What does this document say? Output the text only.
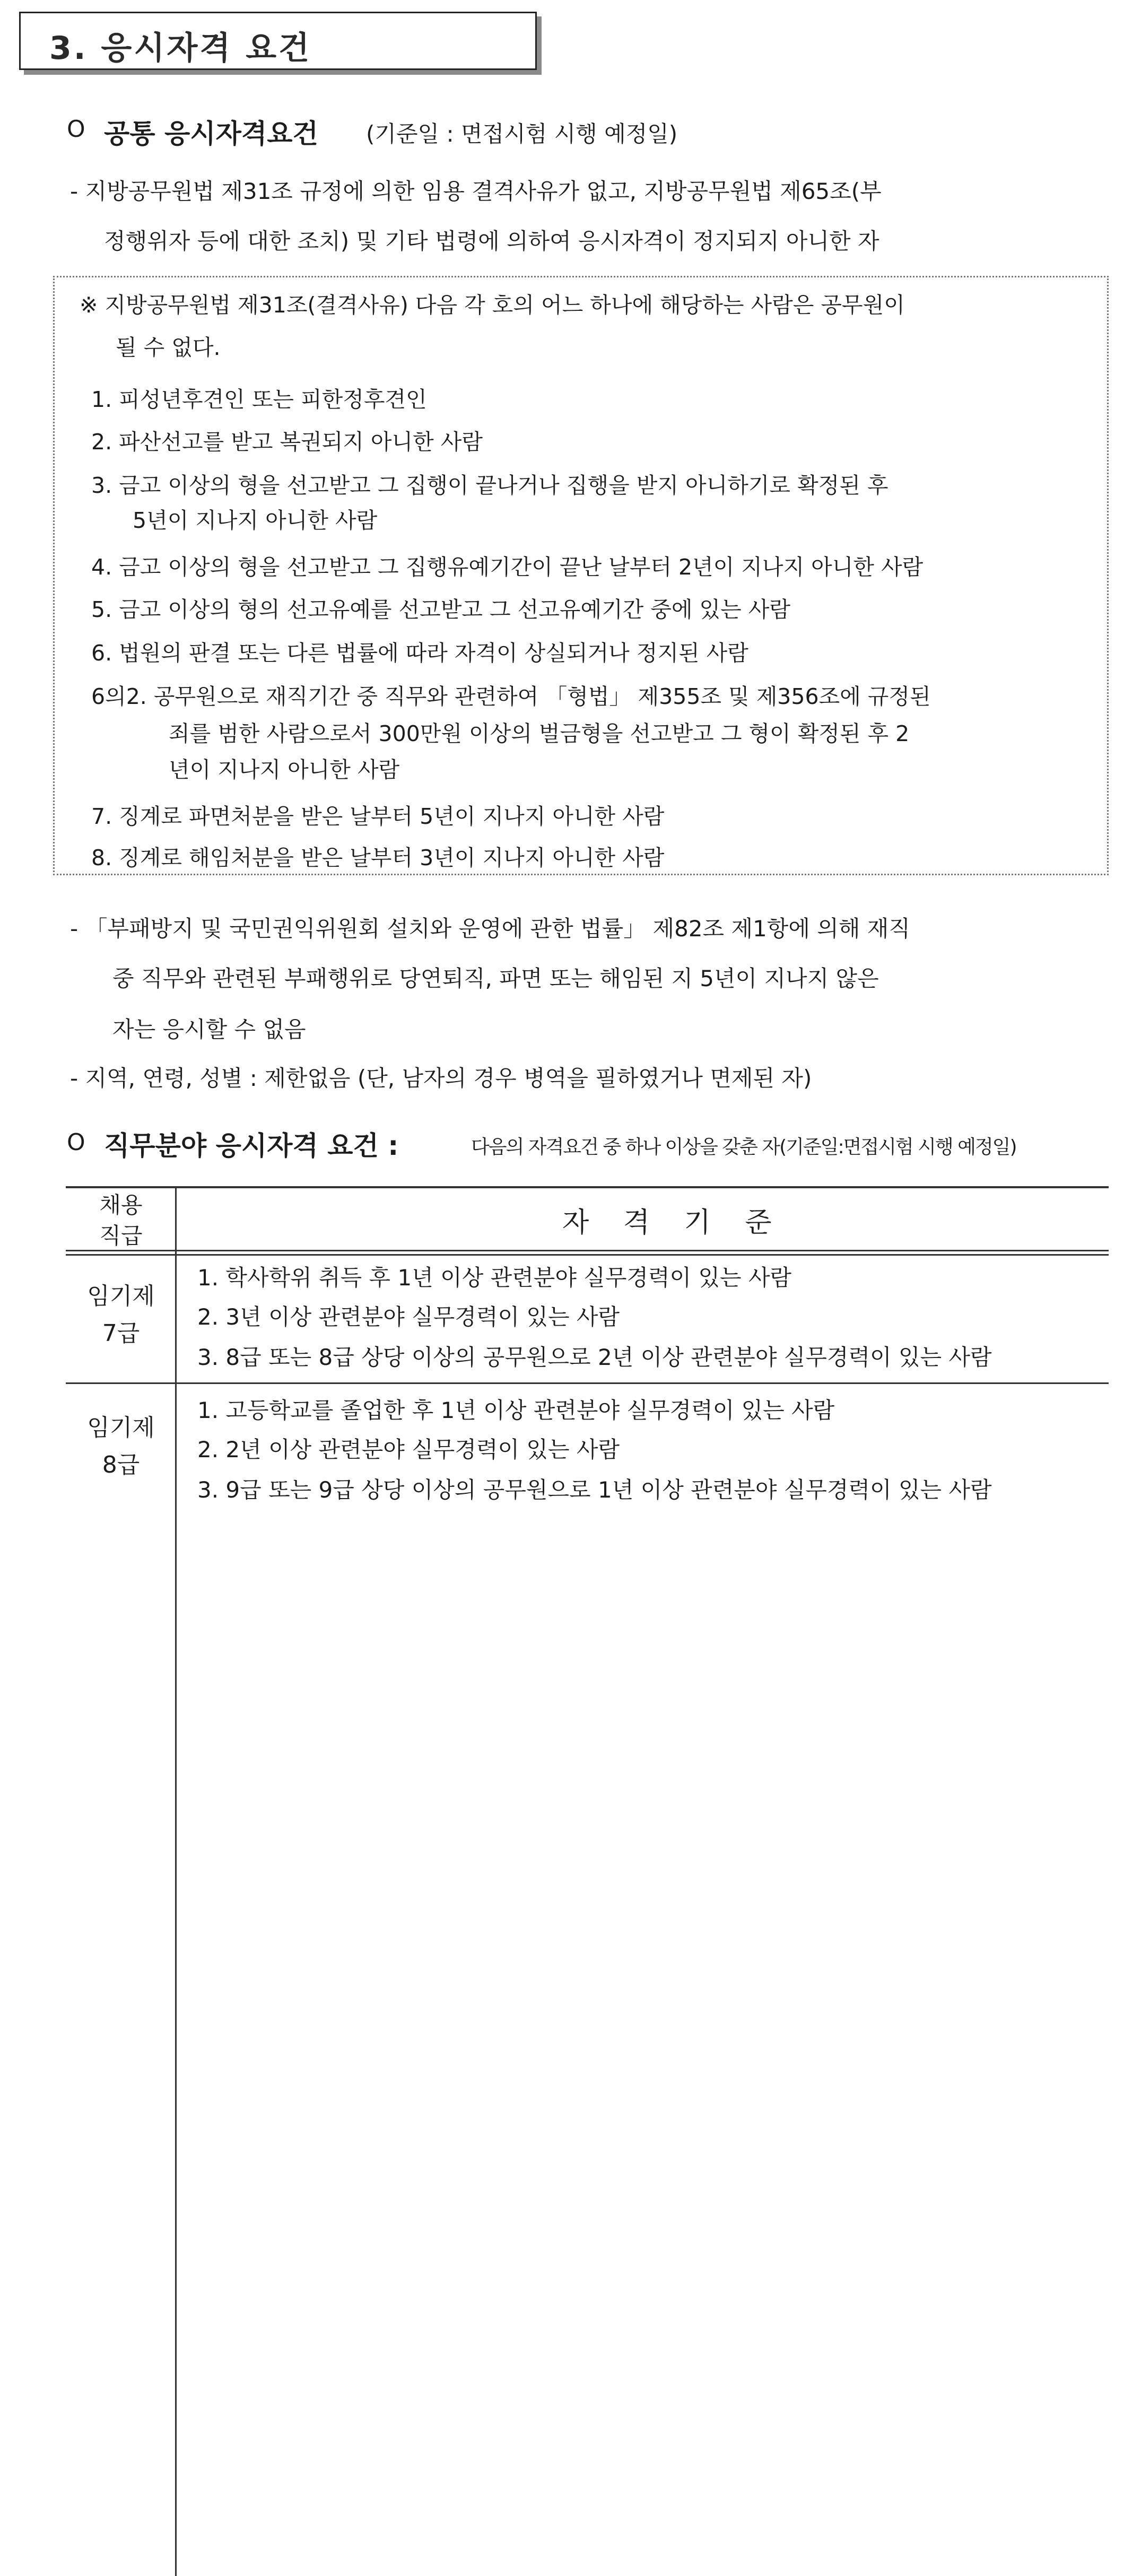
3. 응시자격 요건
O 공통 응시자격요건 (기준일 : 면접시험 시행 예정일)
- 지방공무원법 제31조 규정에 의한 임용 결격사유가 없고, 지방공무원법 제65조(부
정행위자 등에 대한 조치) 및 기타 법령에 의하여 응시자격이 정지되지 아니한 자
※ 지방공무원법 제31조(결격사유) 다음 각 호의 어느 하나에 해당하는 사람은 공무원이
될 수 없다.
1. 피성년후견인 또는 피한정후견인
2. 파산선고를 받고 복권되지 아니한 사람
3. 금고 이상의 형을 선고받고 그 집행이 끝나거나 집행을 받지 아니하기로 확정된 후
5년이 지나지 아니한 사람
4. 금고 이상의 형을 선고받고 그 집행유예기간이 끝난 날부터 2년이 지나지 아니한 사람
5. 금고 이상의 형의 선고유예를 선고받고 그 선고유예기간 중에 있는 사람
6. 법원의 판결 또는 다른 법률에 따라 자격이 상실되거나 정지된 사람
6의2. 공무원으로 재직기간 중 직무와 관련하여 「형법」 제355조 및 제356조에 규정된
죄를 범한 사람으로서 300만원 이상의 벌금형을 선고받고 그 형이 확정된 후 2
년이 지나지 아니한 사람
7. 징계로 파면처분을 받은 날부터 5년이 지나지 아니한 사람
8. 징계로 해임처분을 받은 날부터 3년이 지나지 아니한 사람
- 「부패방지 및 국민권익위원회 설치와 운영에 관한 법률」 제82조 제1항에 의해 재직
중 직무와 관련된 부패행위로 당연퇴직, 파면 또는 해임된 지 5년이 지나지 않은
자는 응시할 수 없음
- 지역, 연령, 성별 : 제한없음 (단, 남자의 경우 병역을 필하였거나 면제된 자)
O 직무분야 응시자격 요건 :	다음의 자격요건 중 하나 이상을 갖춘 자(기준일:면접시험 시행 예정일)
채용
직급	자 격 기 준
임기제
7급
1. 학사학위 취득 후 1년 이상 관련분야 실무경력이 있는 사람
2. 3년 이상 관련분야 실무경력이 있는 사람
3. 8급 또는 8급 상당 이상의 공무원으로 2년 이상 관련분야 실무경력이 있는 사람
임기제
8급
1. 고등학교를 졸업한 후 1년 이상 관련분야 실무경력이 있는 사람
2. 2년 이상 관련분야 실무경력이 있는 사람
3. 9급 또는 9급 상당 이상의 공무원으로 1년 이상 관련분야 실무경력이 있는 사람
